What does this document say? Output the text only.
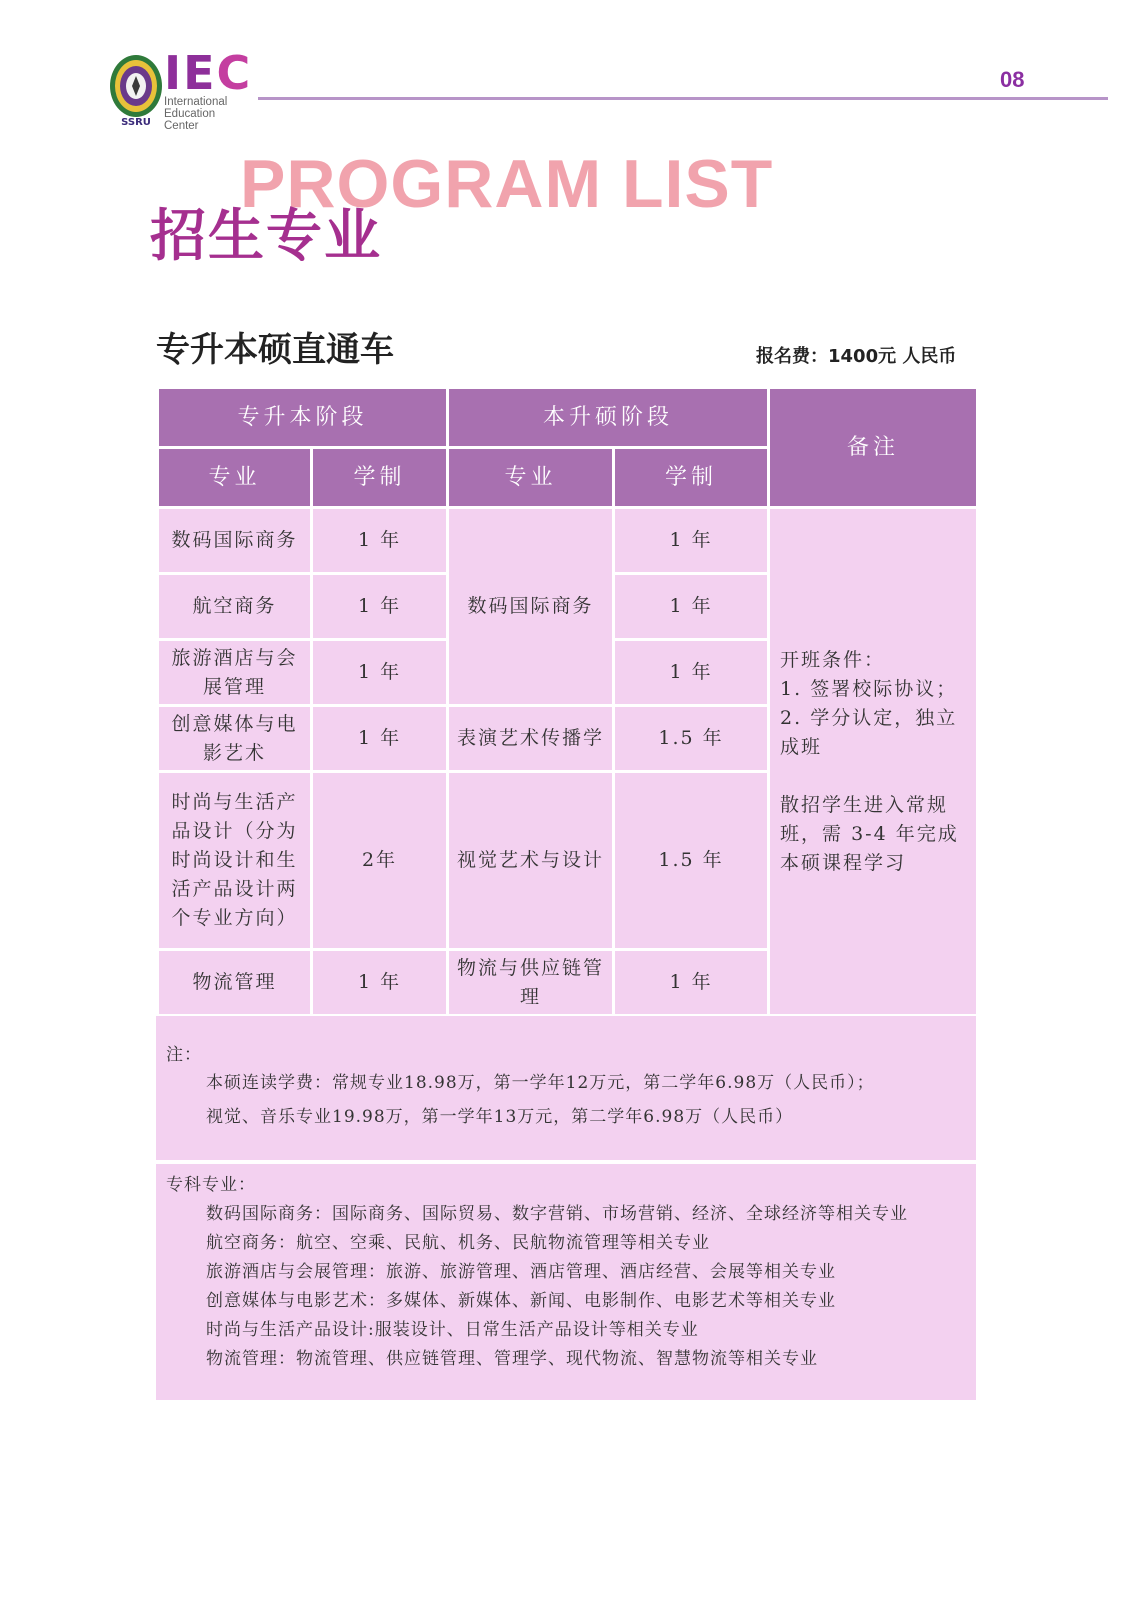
SSRU
IEC
International
Education
Center
08
PROGRAM LIST
招生专业
专升本硕直通车	报名费：1400元 人民币
专升本阶段		本升硕阶段		备注
专业	学制	专业	学制	
数码国际商务	1 年	数码国际商务	1 年	开班条件：
1. 签署校际协议；
2. 学分认定，独立成班
散招学生进入常规班，需 3-4 年完成本硕课程学习

航空商务	1 年		1 年	
旅游酒店与会展管理	1 年		1 年	
创意媒体与电影艺术	1 年	表演艺术传播学	1.5 年	
时尚与生活产品设计（分为时尚设计和生活产品设计两个专业方向）	2年	视觉艺术与设计	1.5 年	
物流管理	1 年	物流与供应链管理	1 年	
注：
本硕连读学费：常规专业18.98万，第一学年12万元，第二学年6.98万（人民币）；
视觉、音乐专业19.98万，第一学年13万元，第二学年6.98万（人民币）
专科专业：
数码国际商务：国际商务、国际贸易、数字营销、市场营销、经济、全球经济等相关专业
航空商务：航空、空乘、民航、机务、民航物流管理等相关专业
旅游酒店与会展管理：旅游、旅游管理、酒店管理、酒店经营、会展等相关专业
创意媒体与电影艺术：多媒体、新媒体、新闻、电影制作、电影艺术等相关专业
时尚与生活产品设计:服装设计、日常生活产品设计等相关专业
物流管理：物流管理、供应链管理、管理学、现代物流、智慧物流等相关专业
